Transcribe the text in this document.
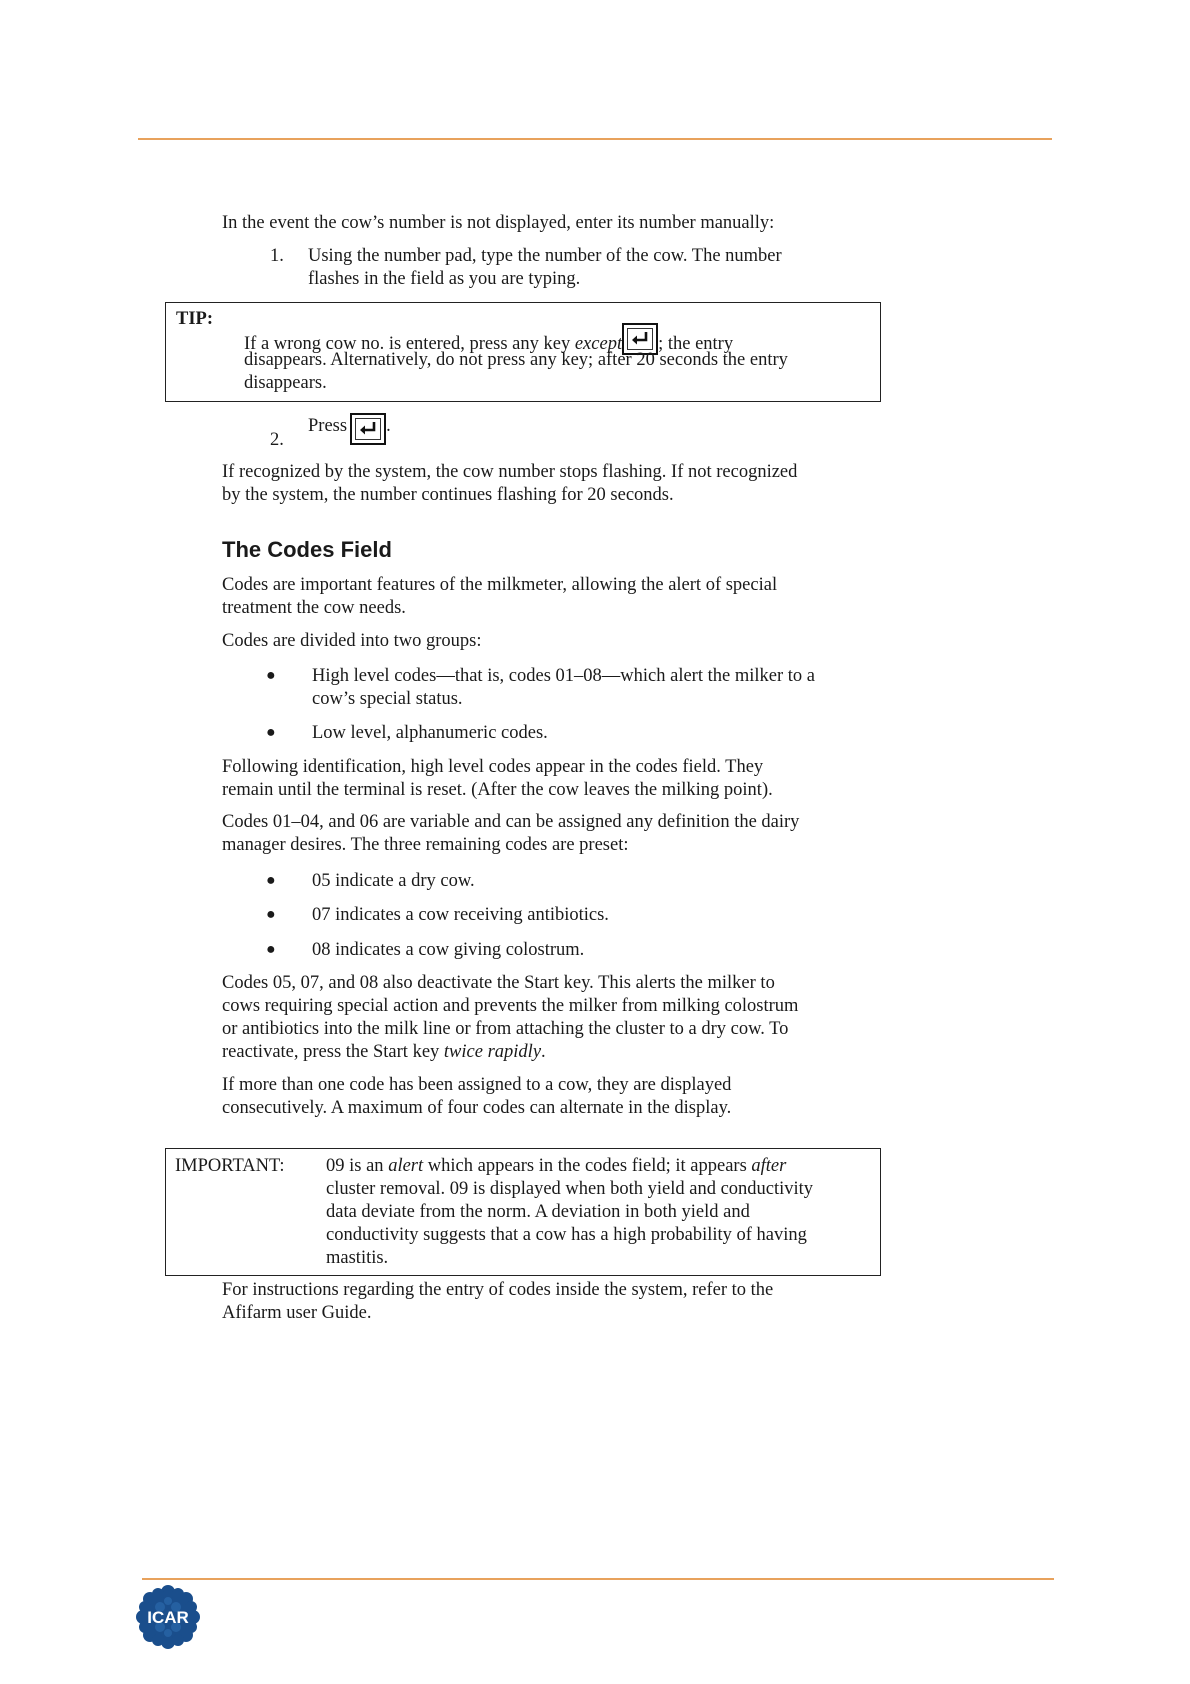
In the event the cow’s number is not displayed, enter its number manually:
1. Using the number pad, type the number of the cow. The number
flashes in the field as you are typing.
TIP:
If a wrong cow no. is entered, press any key except ; the entry
disappears. Alternatively, do not press any key; after 20 seconds the entry
disappears.
2.
Press .
If recognized by the system, the cow number stops flashing. If not recognized
by the system, the number continues flashing for 20 seconds.
The Codes Field
Codes are important features of the milkmeter, allowing the alert of special
treatment the cow needs.
Codes are divided into two groups:
● High level codes—that is, codes 01–08—which alert the milker to a
cow’s special status.
● Low level, alphanumeric codes.
Following identification, high level codes appear in the codes field. They
remain until the terminal is reset. (After the cow leaves the milking point).
Codes 01–04, and 06 are variable and can be assigned any definition the dairy
manager desires. The three remaining codes are preset:
● 05 indicate a dry cow.
● 07 indicates a cow receiving antibiotics.
● 08 indicates a cow giving colostrum.
Codes 05, 07, and 08 also deactivate the Start key. This alerts the milker to
cows requiring special action and prevents the milker from milking colostrum
or antibiotics into the milk line or from attaching the cluster to a dry cow. To
reactivate, press the Start key twice rapidly.
If more than one code has been assigned to a cow, they are displayed
consecutively. A maximum of four codes can alternate in the display.
IMPORTANT: 09 is an alert which appears in the codes field; it appears after
cluster removal. 09 is displayed when both yield and conductivity
data deviate from the norm. A deviation in both yield and
conductivity suggests that a cow has a high probability of having
mastitis.
For instructions regarding the entry of codes inside the system, refer to the
Afifarm user Guide.
ICAR
